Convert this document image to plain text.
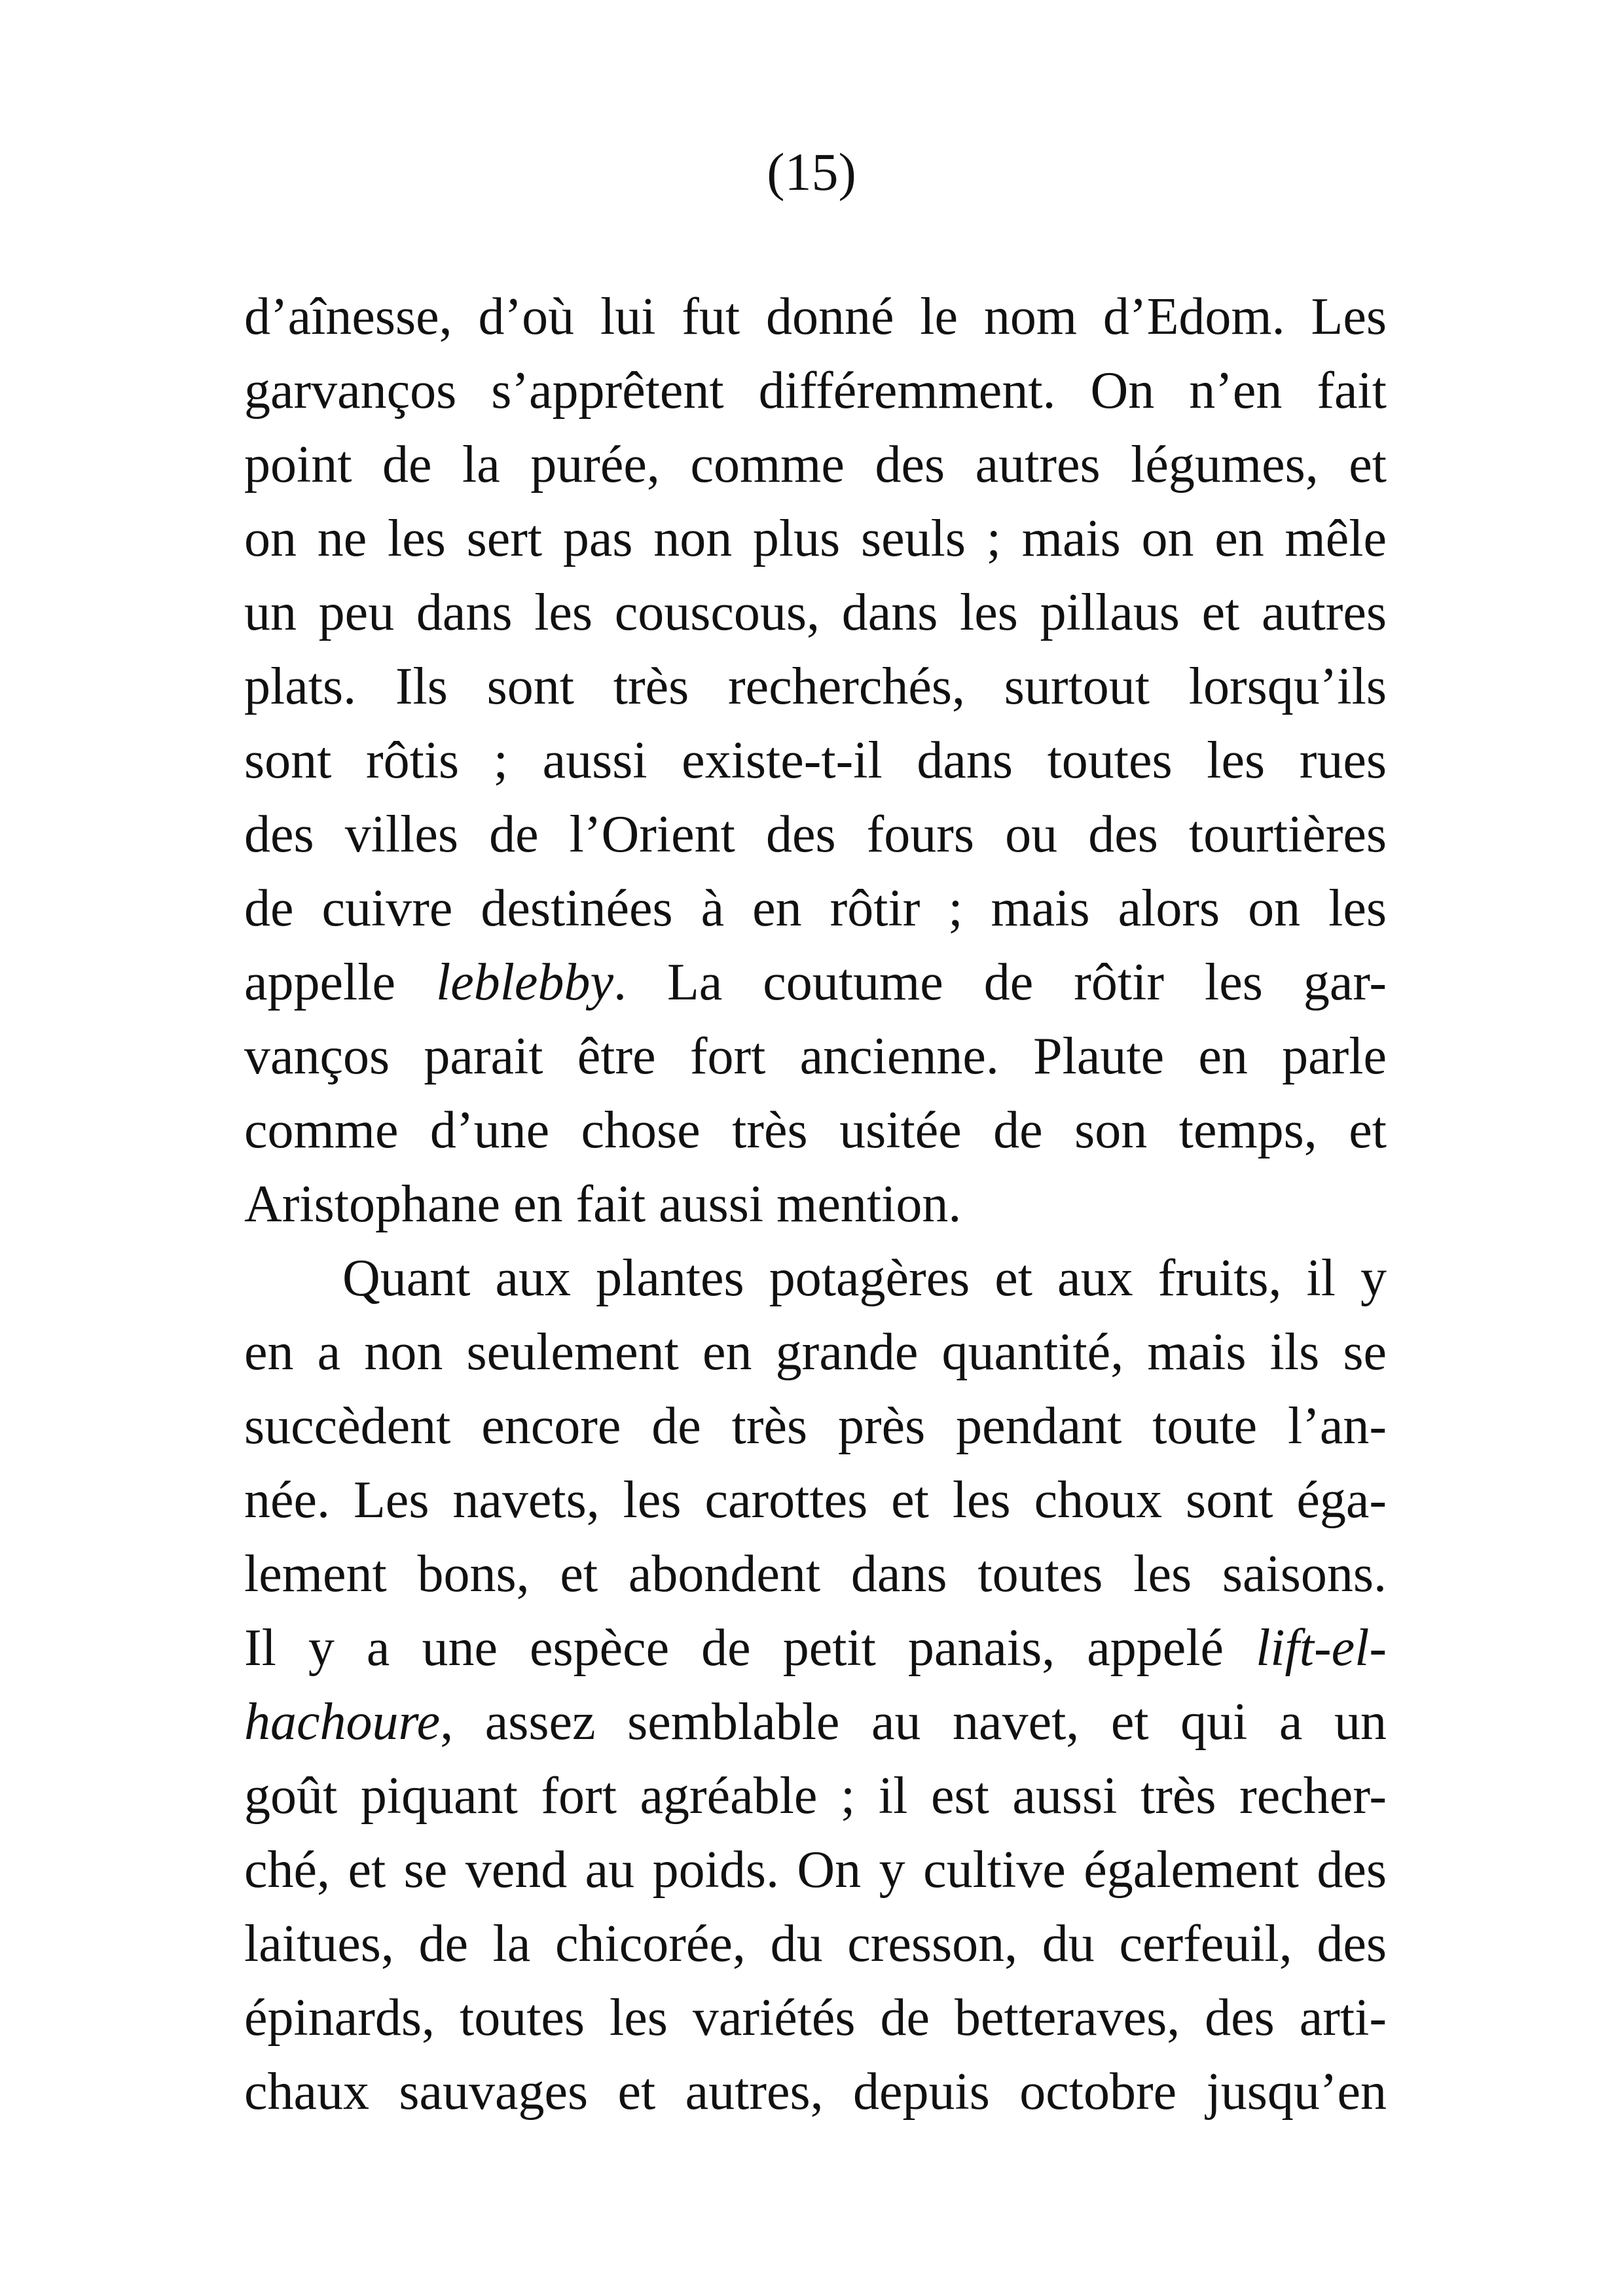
(15)

d’aînesse, d’où lui fut donné le nom d’Edom. Les
garvanços s’apprêtent différemment. On n’en fait
point de la purée, comme des autres légumes, et
on ne les sert pas non plus seuls ; mais on en mêle
un peu dans les couscous, dans les pillaus et autres
plats. Ils sont très recherchés, surtout lorsqu’ils
sont rôtis ; aussi existe-t-il dans toutes les rues
des villes de l’Orient des fours ou des tourtières
de cuivre destinées à en rôtir ; mais alors on les
appelle leblebby. La coutume de rôtir les gar-
vanços parait être fort ancienne. Plaute en parle
comme d’une chose très usitée de son temps, et
Aristophane en fait aussi mention.
Quant aux plantes potagères et aux fruits, il y
en a non seulement en grande quantité, mais ils se
succèdent encore de très près pendant toute l’an-
née. Les navets, les carottes et les choux sont éga-
lement bons, et abondent dans toutes les saisons.
Il y a une espèce de petit panais, appelé lift-el-
hachoure, assez semblable au navet, et qui a un
goût piquant fort agréable ; il est aussi très recher-
ché, et se vend au poids. On y cultive également des
laitues, de la chicorée, du cresson, du cerfeuil, des
épinards, toutes les variétés de betteraves, des arti-
chaux sauvages et autres, depuis octobre jusqu’en
